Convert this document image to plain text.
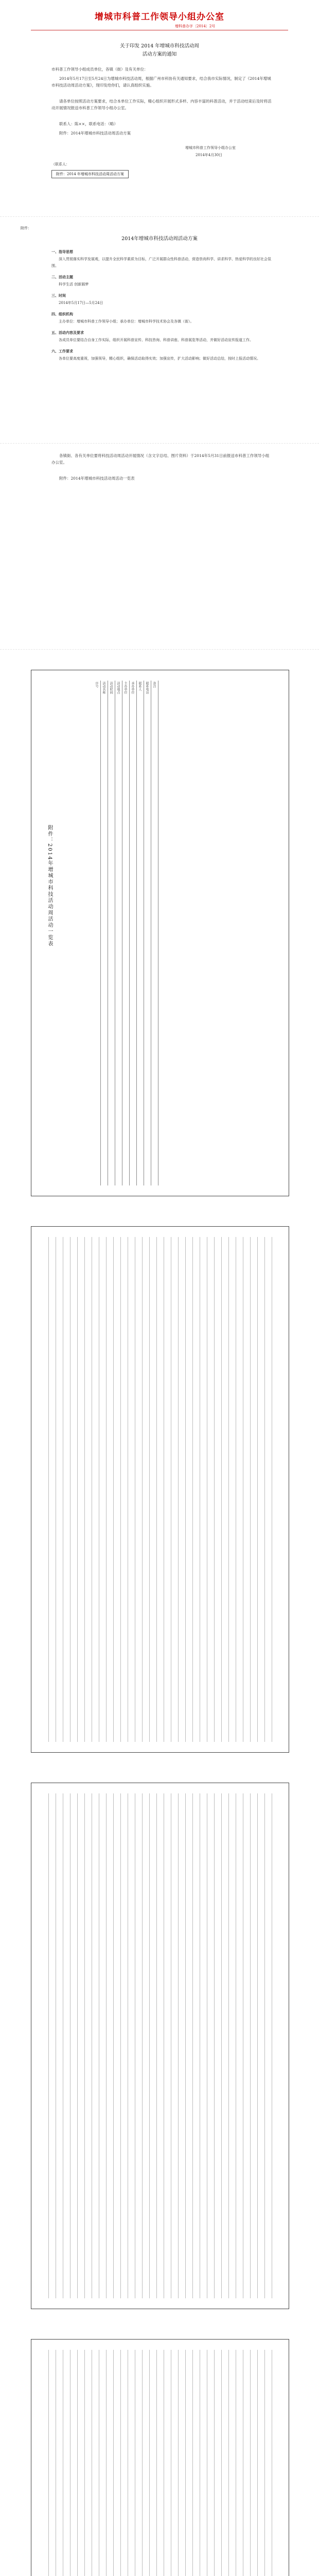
增城市科普工作领导小组办公室
增科普办字〔2014〕2号
关于印发 2014 年增城市科技活动周
活动方案的通知
市科普工作领导小组成员单位，各镇（街）及有关单位：
2014年5月17日至5月24日为增城市科技活动周，根据广州市科协有关通知要求，结合我市实际情况，制定了《2014年增城市科技活动周活动方案》，现印发给你们，请认真组织实施。
请各单位按照活动方案要求，结合本单位工作实际，精心组织开展形式多样、内容丰富的科普活动，并于活动结束后及时将活动开展情况报送市科普工作领导小组办公室。
联系人：陈××，联系电话：（略）
附件：2014年增城市科技活动周活动方案
增城市科普工作领导小组办公室
2014年4月30日
（联系人：
附件：2014 年增城市科技活动周活动方案
附件：
2014年增城市科技活动周活动方案
一、指导思想
深入贯彻落实科学发展观，以提升全民科学素质为目标，广泛开展群众性科普活动，营造崇尚科学、讲求科学、热爱科学的良好社会氛围。
二、活动主题
科学生活 创新圆梦
三、时间
2014年5月17日—5月24日
四、组织机构
主办单位：增城市科普工作领导小组；承办单位：增城市科学技术协会及各镇（街）。
五、活动内容及要求
各成员单位要结合自身工作实际，组织开展科普宣传、科技咨询、科普讲座、科普展览等活动，并做好活动宣传报道工作。
六、工作要求
各单位要高度重视，加强领导，精心组织，确保活动取得实效；加强宣传，扩大活动影响；做好活动总结，按时上报活动情况。
各镇街、各有关单位要将科技活动周活动开展情况（含文字总结、图片资料）于2014年5月31日前报送市科普工作领导小组办公室。
附件：2014年增城市科技活动周活动一览表
附件：2014年增城市科技活动周活动一览表
序号	活动名称	活动时间	活动地点	主办单位	承办单位	联系人	联系电话	备注
